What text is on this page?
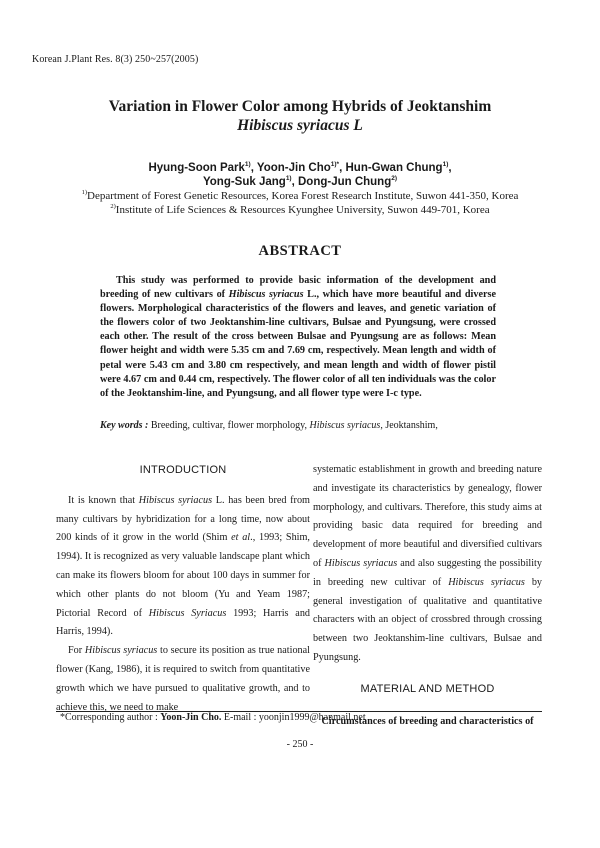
Korean J.Plant Res. 8(3) 250~257(2005)
Variation in Flower Color among Hybrids of Jeoktanshim
Hibiscus syriacus L
Hyung-Soon Park$^{1)}$, Yoon-Jin Cho$^{1)*}$, Hun-Gwan Chung$^{1)}$,
Yong-Suk Jang$^{1)}$, Dong-Jun Chung$^{2)}$
$^{1)}$Department of Forest Genetic Resources, Korea Forest Research Institute, Suwon 441-350, Korea
$^{2)}$Institute of Life Sciences & Resources Kyunghee University, Suwon 449-701, Korea
ABSTRACT
This study was performed to provide basic information of the development and breeding of new cultivars of Hibiscus syriacus L., which have more beautiful and diverse flowers. Morphological characteristics of the flowers and leaves, and genetic variation of the flowers color of two Jeoktanshim-line cultivars, Bulsae and Pyungsung, were crossed each other. The result of the cross between Bulsae and Pyungsung are as follows: Mean flower height and width were 5.35 cm and 7.69 cm, respectively. Mean length and width of petal were 5.43 cm and 3.80 cm respectively, and mean length and width of flower pistil were 4.67 cm and 0.44 cm, respectively. The flower color of all ten individuals was the color of the Jeoktanshim-line, and Pyungsung, and all flower type were I-c type.
Key words : Breeding, cultivar, flower morphology, Hibiscus syriacus, Jeoktanshim,
INTRODUCTION
It is known that Hibiscus syriacus L. has been bred from many cultivars by hybridization for a long time, now about 200 kinds of it grow in the world (Shim et al., 1993; Shim, 1994). It is recognized as very valuable landscape plant which can make its flowers bloom for about 100 days in summer for which other plants do not bloom (Yu and Yeam 1987; Pictorial Record of Hibiscus Syriacus 1993; Harris and Harris, 1994).
For Hibiscus syriacus to secure its position as true national flower (Kang, 1986), it is required to switch from quantitative growth which we have pursued to qualitative growth, and to achieve this, we need to make
systematic establishment in growth and breeding nature and investigate its characteristics by genealogy, flower morphology, and cultivars. Therefore, this study aims at providing basic data required for breeding and development of more beautiful and diversified cultivars of Hibiscus syriacus and also suggesting the possibility in breeding new cultivar of Hibiscus syriacus by general investigation of qualitative and quantitative characters with an object of crossbred through crossing between two Jeoktanshim-line cultivars, Bulsae and Pyungsung.
MATERIAL AND METHOD
Circumstances of breeding and characteristics of
*Corresponding author : Yoon-Jin Cho. E-mail : yoonjin1999@hanmail.net
- 250 -
